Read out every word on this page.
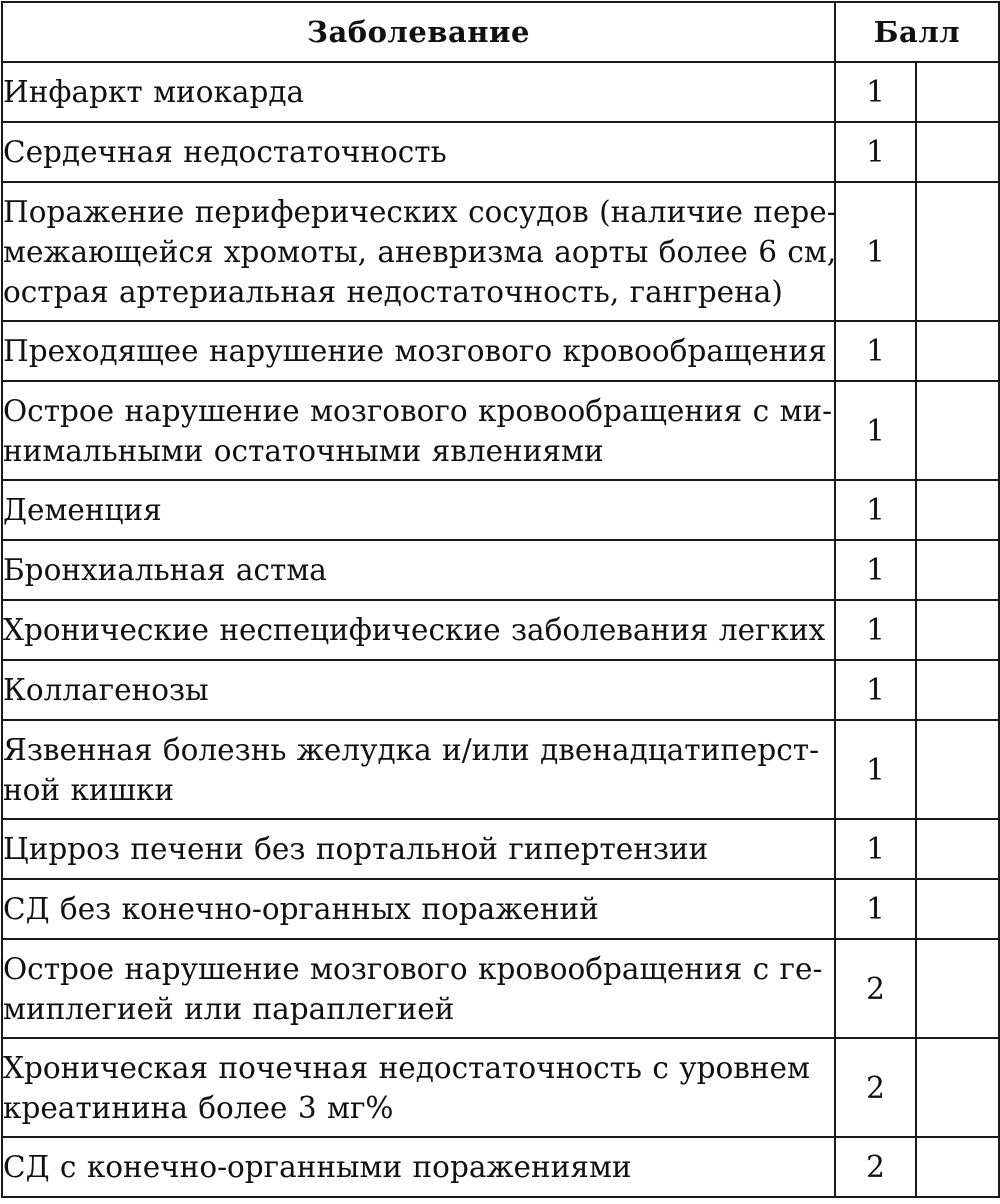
Заболевание	Балл	

Инфаркт миокарда	1	

Сердечная недостаточность	1	

Поражение периферических сосудов (наличие пере-
межающейся хромоты, аневризма аорты более 6 см,
острая артериальная недостаточность, гангрена)	1	

Преходящее нарушение мозгового кровообращения	1	

Острое нарушение мозгового кровообращения с ми-
нимальными остаточными явлениями	1	

Деменция	1	

Бронхиальная астма	1	

Хронические неспецифические заболевания легких	1	

Коллагенозы	1	

Язвенная болезнь желудка и/или двенадцатиперст-
ной кишки	1	

Цирроз печени без портальной гипертензии	1	

СД без конечно-органных поражений	1	

Острое нарушение мозгового кровообращения с ге-
миплегией или параплегией	2	

Хроническая почечная недостаточность с уровнем
креатинина более 3 мг%	2	

СД с конечно-органными поражениями	2	
